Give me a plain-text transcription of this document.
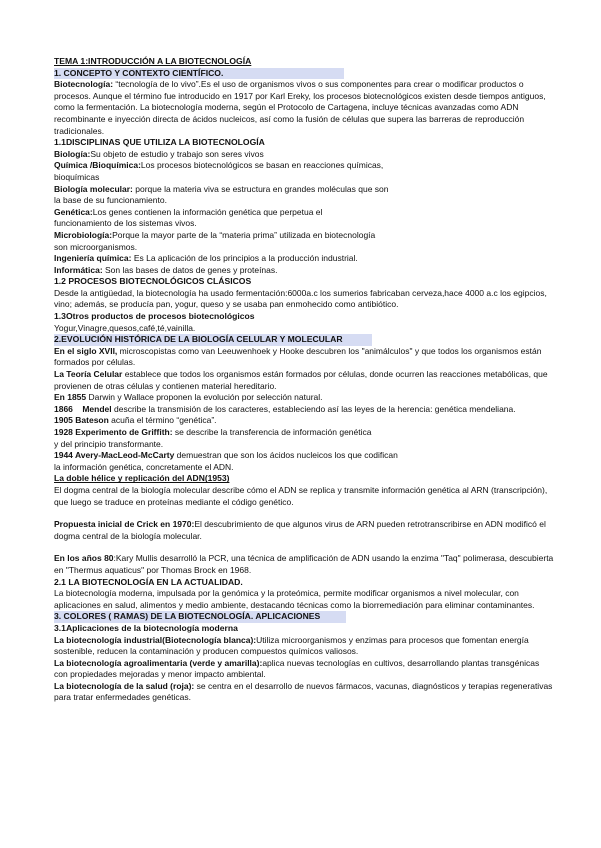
TEMA 1:INTRODUCCIÓN A LA BIOTECNOLOGÍA
1. CONCEPTO Y CONTEXTO CIENTÍFICO.

Biotecnología: “tecnología de lo vivo”.Es el uso de organismos vivos o sus componentes para crear o modificar productos o procesos. Aunque el término fue introducido en 1917 por Karl Ereky, los procesos biotecnológicos existen desde tiempos antiguos, como la fermentación. La biotecnología moderna, según el Protocolo de Cartagena, incluye técnicas avanzadas como ADN recombinante e inyección directa de ácidos nucleicos, así como la fusión de células que supera las barreras de reproducción tradicionales.

1.1DISCIPLINAS QUE UTILIZA LA BIOTECNOLOGÍA

Biología:Su objeto de estudio y trabajo son seres vivos

Química /Bioquímica:Los procesos biotecnológicos se basan en reacciones químicas, bioquímicas

Biología molecular: porque la materia viva se estructura en grandes moléculas que son la base de su funcionamiento.

Genética:Los genes contienen la información genética que perpetua el funcionamiento de los sistemas vivos.

Microbiología:Porque la mayor parte de la “materia prima” utilizada en biotecnología son microorganismos.

Ingeniería química: Es La aplicación de los principios a la producción industrial.

Informática: Son las bases de datos de genes y proteínas.

1.2 PROCESOS BIOTECNOLÓGICOS CLÁSICOS

Desde la antigüedad, la biotecnología ha usado fermentación:6000a.c los sumerios fabricaban cerveza,hace 4000 a.c los egipcios, vino; además, se producía pan, yogur, queso y se usaba pan enmohecido como antibiótico.

1.3Otros productos de procesos biotecnológicos

Yogur,Vinagre,quesos,café,té,vainilla.

2.EVOLUCIÓN HISTÓRICA DE LA BIOLOGÍA CELULAR Y MOLECULAR

En el siglo XVII, microscopistas como van Leeuwenhoek y Hooke descubren los "animálculos" y que todos los organismos están formados por células.

La Teoría Celular establece que todos los organismos están formados por células, donde ocurren las reacciones metabólicas, que provienen de otras células y contienen material hereditario.

En 1855 Darwin y Wallace proponen la evolución por selección natural.

1866    Mendel describe la transmisión de los caracteres, estableciendo así las leyes de la herencia: genética mendeliana.

1905 Bateson acuña el término “genética”.

1928 Experimento de Griffith: se describe la transferencia de información genética y del principio transformante.

1944 Avery-MacLeod-McCarty demuestran que son los ácidos nucleicos los que codifican la información genética, concretamente el ADN.

La doble hélice y replicación del ADN(1953)

El dogma central de la biología molecular describe cómo el ADN se replica y transmite información genética al ARN (transcripción), que luego se traduce en proteínas mediante el código genético.

Propuesta inicial de Crick en 1970:El descubrimiento de que algunos virus de ARN pueden retrotranscribirse en ADN modificó el dogma central de la biología molecular.

En los años 80:Kary Mullis desarrolló la PCR, una técnica de amplificación de ADN usando la enzima "Taq" polimerasa, descubierta en "Thermus aquaticus" por Thomas Brock en 1968.

2.1 LA BIOTECNOLOGÍA EN LA ACTUALIDAD.

La biotecnología moderna, impulsada por la genómica y la proteómica, permite modificar organismos a nivel molecular, con aplicaciones en salud, alimentos y medio ambiente, destacando técnicas como la biorremediación para eliminar contaminantes.

3. COLORES ( RAMAS) DE LA BIOTECNOLOGÍA. APLICACIONES
3.1Aplicaciones de la biotecnología moderna

La biotecnología industrial(Biotecnología blanca):Utiliza microorganismos y enzimas para procesos que fomentan energía sostenible, reducen la contaminación y producen compuestos químicos valiosos.

La biotecnología agroalimentaria (verde y amarilla):aplica nuevas tecnologías en cultivos, desarrollando plantas transgénicas con propiedades mejoradas y menor impacto ambiental.

La biotecnología de la salud (roja): se centra en el desarrollo de nuevos fármacos, vacunas, diagnósticos y terapias regenerativas para tratar enfermedades genéticas.
